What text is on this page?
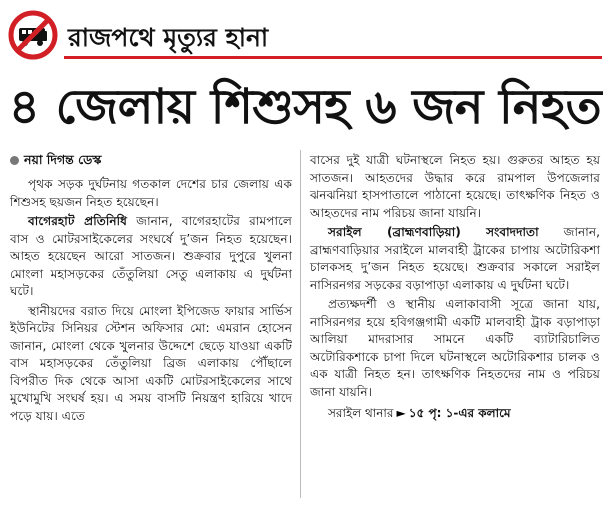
রাজপথে মৃত্যুর হানা
৪ জেলায় শিশুসহ ৬ জন নিহত
নয়া দিগন্ত ডেস্ক

পৃথক সড়ক দুর্ঘটনায় গতকাল দেশের চার জেলায় এক শিশুসহ ছয়জন নিহত হয়েছেন।

বাগেরহাট প্রতিনিধি জানান, বাগেরহাটের রামপালে বাস ও মোটরসাইকেলের সংঘর্ষে দু’জন নিহত হয়েছেন। আহত হয়েছেন আরো সাতজন। শুক্রবার দুপুরে খুলনা মোংলা মহাসড়কের তেঁতুলিয়া সেতু এলাকায় এ দুর্ঘটনা ঘটে।

স্থানীয়দের বরাত দিয়ে মোংলা ইপিজেড ফায়ার সার্ভিস ইউনিটের সিনিয়র স্টেশন অফিসার মো: এমরান হোসেন জানান, মোংলা থেকে খুলনার উদ্দেশে ছেড়ে যাওয়া একটি বাস মহাসড়কের তেঁতুলিয়া ব্রিজ এলাকায় পৌঁছালে বিপরীত দিক থেকে আসা একটি মোটরসাইকেলের সাথে মুখোমুখি সংঘর্ষ হয়। এ সময় বাসটি নিয়ন্ত্রণ হারিয়ে খাদে পড়ে যায়। এতে

বাসের দুই যাত্রী ঘটনাস্থলে নিহত হয়। গুরুতর আহত হয় সাতজন। আহতদের উদ্ধার করে রামপাল উপজেলার ঝনঝনিয়া হাসপাতালে পাঠানো হয়েছে। তাৎক্ষণিক নিহত ও আহতদের নাম পরিচয় জানা যায়নি।

সরাইল (ব্রাহ্মণবাড়িয়া) সংবাদদাতা জানান, ব্রাহ্মণবাড়িয়ার সরাইলে মালবাহী ট্রাকের চাপায় অটোরিকশা চালকসহ দু’জন নিহত হয়েছে। শুক্রবার সকালে সরাইল নাসিরনগর সড়কের বড়াপাড়া এলাকায় এ দুর্ঘটনা ঘটে।

প্রত্যক্ষদর্শী ও স্থানীয় এলাকাবাসী সূত্রে জানা যায়, নাসিরনগর হয়ে হবিগঞ্জগামী একটি মালবাহী ট্রাক বড়াপাড়া আলিয়া মাদরাসার সামনে একটি ব্যাটারিচালিত অটোরিকশাকে চাপা দিলে ঘটনাস্থলে অটোরিকশার চালক ও এক যাত্রী নিহত হন। তাৎক্ষণিক নিহতদের নাম ও পরিচয় জানা যায়নি।

সরাইল থানার ► ১৫ পৃ: ১-এর কলামে
